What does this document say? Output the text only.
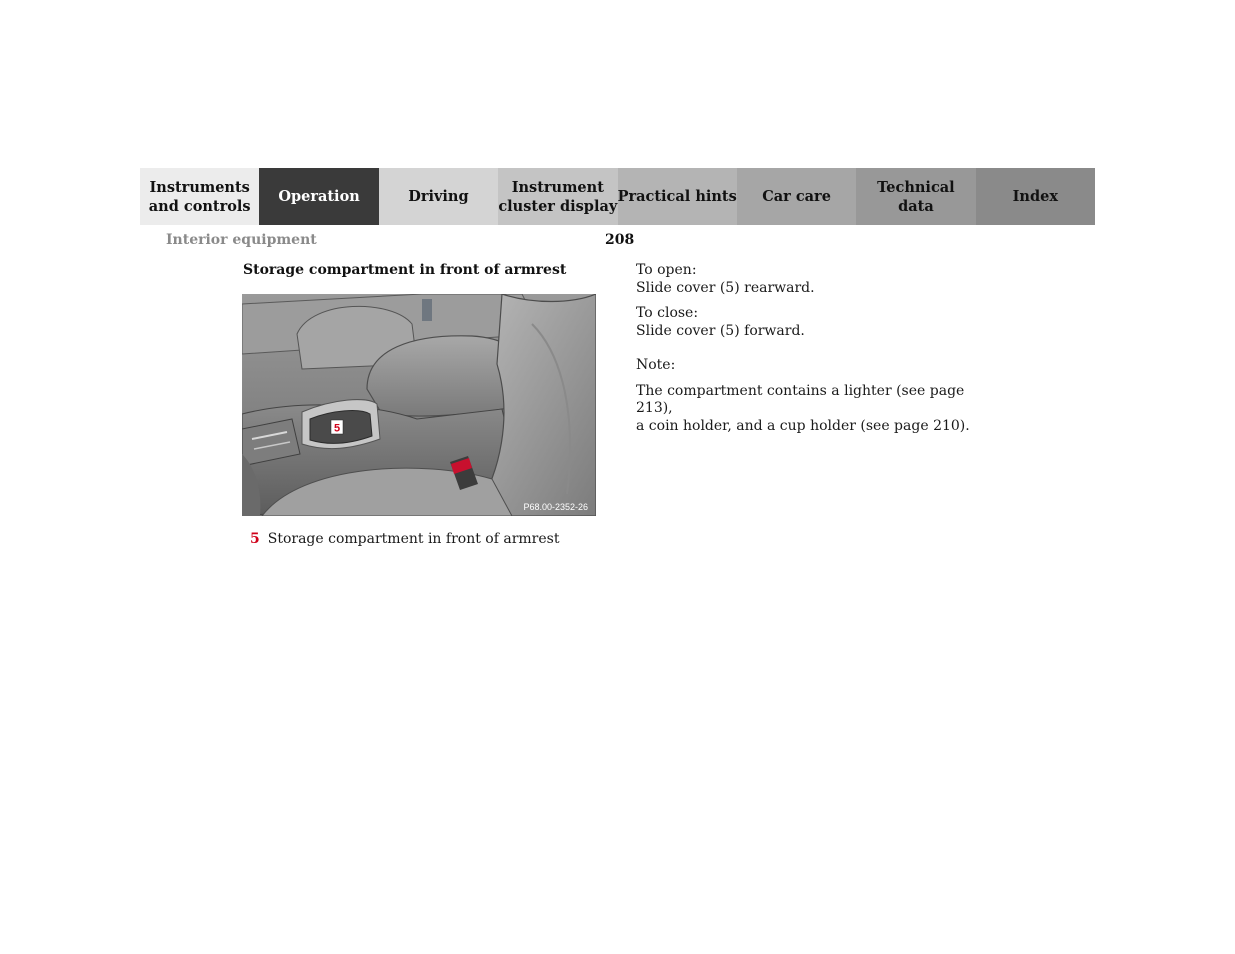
Instruments
and controls
Operation	Driving
Instrument
cluster display
Practical hints	Car care
Technical
data
Index
Interior equipment	208
Storage compartment in front of armrest
5
P68.00-2352-26
5 Storage compartment in front of armrest

To open:

Slide cover (5) rearward.

To close:

Slide cover (5) forward.

Note:

The compartment contains a lighter (see page 213),

a coin holder, and a cup holder (see page 210).
